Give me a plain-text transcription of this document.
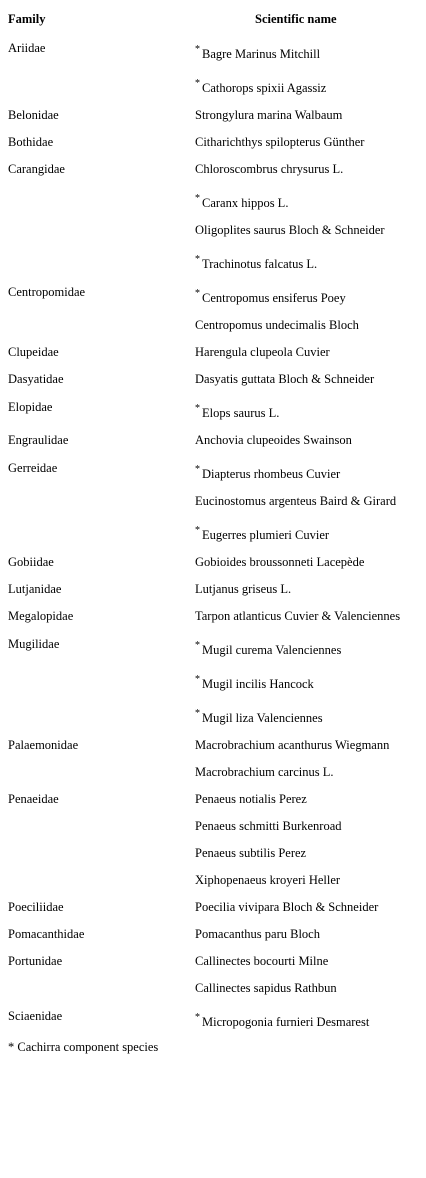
Family	Scientific name
Ariidae	* Bagre Marinus Mitchill

	* Cathorops spixii Agassiz

Belonidae	Strongylura marina Walbaum

Bothidae	Citharichthys spilopterus Günther

Carangidae	Chloroscombrus chrysurus L.

	* Caranx hippos L.

	Oligoplites saurus Bloch & Schneider

	* Trachinotus falcatus L.

Centropomidae	* Centropomus ensiferus Poey

	Centropomus undecimalis Bloch

Clupeidae	Harengula clupeola Cuvier

Dasyatidae	Dasyatis guttata Bloch & Schneider

Elopidae	* Elops saurus L.

Engraulidae	Anchovia clupeoides Swainson

Gerreidae	* Diapterus rhombeus Cuvier

	Eucinostomus argenteus Baird & Girard

	* Eugerres plumieri Cuvier

Gobiidae	Gobioides broussonneti Lacepède

Lutjanidae	Lutjanus griseus L.

Megalopidae	Tarpon atlanticus Cuvier & Valenciennes

Mugilidae	* Mugil curema Valenciennes

	* Mugil incilis Hancock

	* Mugil liza Valenciennes

Palaemonidae	Macrobrachium acanthurus Wiegmann

	Macrobrachium carcinus L.

Penaeidae	Penaeus notialis Perez

	Penaeus schmitti Burkenroad

	Penaeus subtilis Perez

	Xiphopenaeus kroyeri Heller

Poeciliidae	Poecilia vivipara Bloch & Schneider

Pomacanthidae	Pomacanthus paru Bloch

Portunidae	Callinectes bocourti Milne

	Callinectes sapidus Rathbun

Sciaenidae	* Micropogonia furnieri Desmarest
* Cachirra component species
